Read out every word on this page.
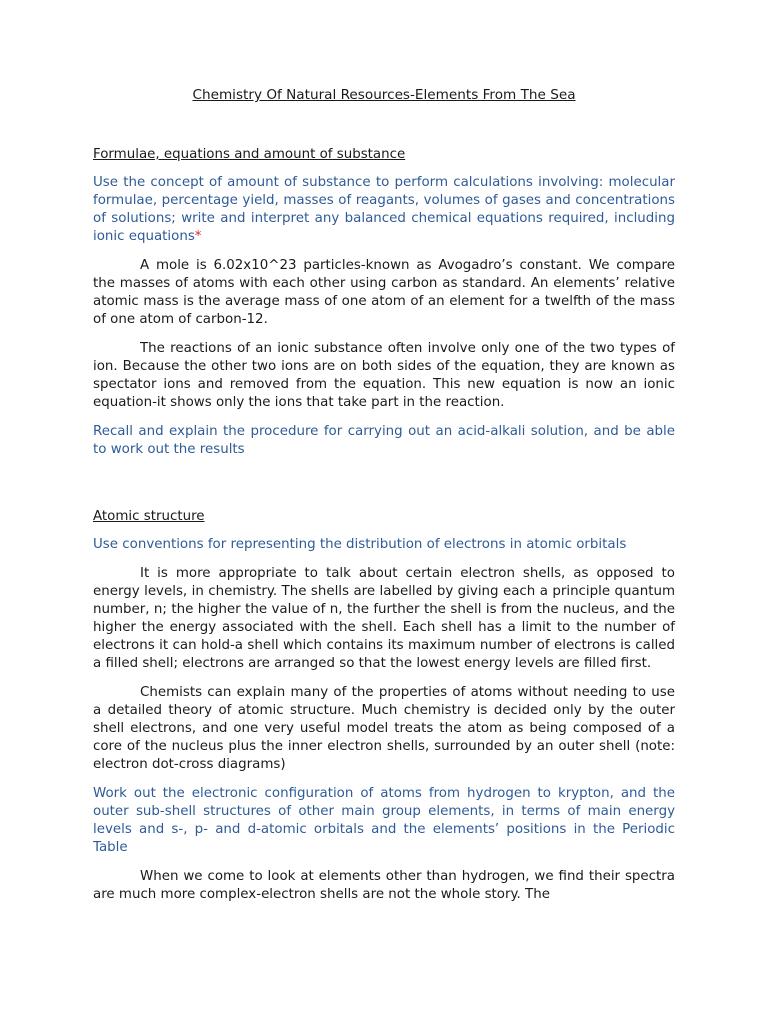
Chemistry Of Natural Resources-Elements From The Sea
Formulae, equations and amount of substance

Use the concept of amount of substance to perform calculations involving: molecular formulae, percentage yield, masses of reagants, volumes of gases and concentrations of solutions; write and interpret any balanced chemical equations required, including ionic equations*

A mole is 6.02x10^23 particles-known as Avogadro’s constant. We compare the masses of atoms with each other using carbon as standard. An elements’ relative atomic mass is the average mass of one atom of an element for a twelfth of the mass of one atom of carbon-12.

The reactions of an ionic substance often involve only one of the two types of ion. Because the other two ions are on both sides of the equation, they are known as spectator ions and removed from the equation. This new equation is now an ionic equation-it shows only the ions that take part in the reaction.

Recall and explain the procedure for carrying out an acid-alkali solution, and be able to work out the results

Atomic structure

Use conventions for representing the distribution of electrons in atomic orbitals

It is more appropriate to talk about certain electron shells, as opposed to energy levels, in chemistry. The shells are labelled by giving each a principle quantum number, n; the higher the value of n, the further the shell is from the nucleus, and the higher the energy associated with the shell. Each shell has a limit to the number of electrons it can hold-a shell which contains its maximum number of electrons is called a filled shell; electrons are arranged so that the lowest energy levels are filled first.

Chemists can explain many of the properties of atoms without needing to use a detailed theory of atomic structure. Much chemistry is decided only by the outer shell electrons, and one very useful model treats the atom as being composed of a core of the nucleus plus the inner electron shells, surrounded by an outer shell (note: electron dot-cross diagrams)

Work out the electronic configuration of atoms from hydrogen to krypton, and the outer sub-shell structures of other main group elements, in terms of main energy levels and s-, p- and d-atomic orbitals and the elements’ positions in the Periodic Table

When we come to look at elements other than hydrogen, we find their spectra are much more complex-electron shells are not the whole story. The
